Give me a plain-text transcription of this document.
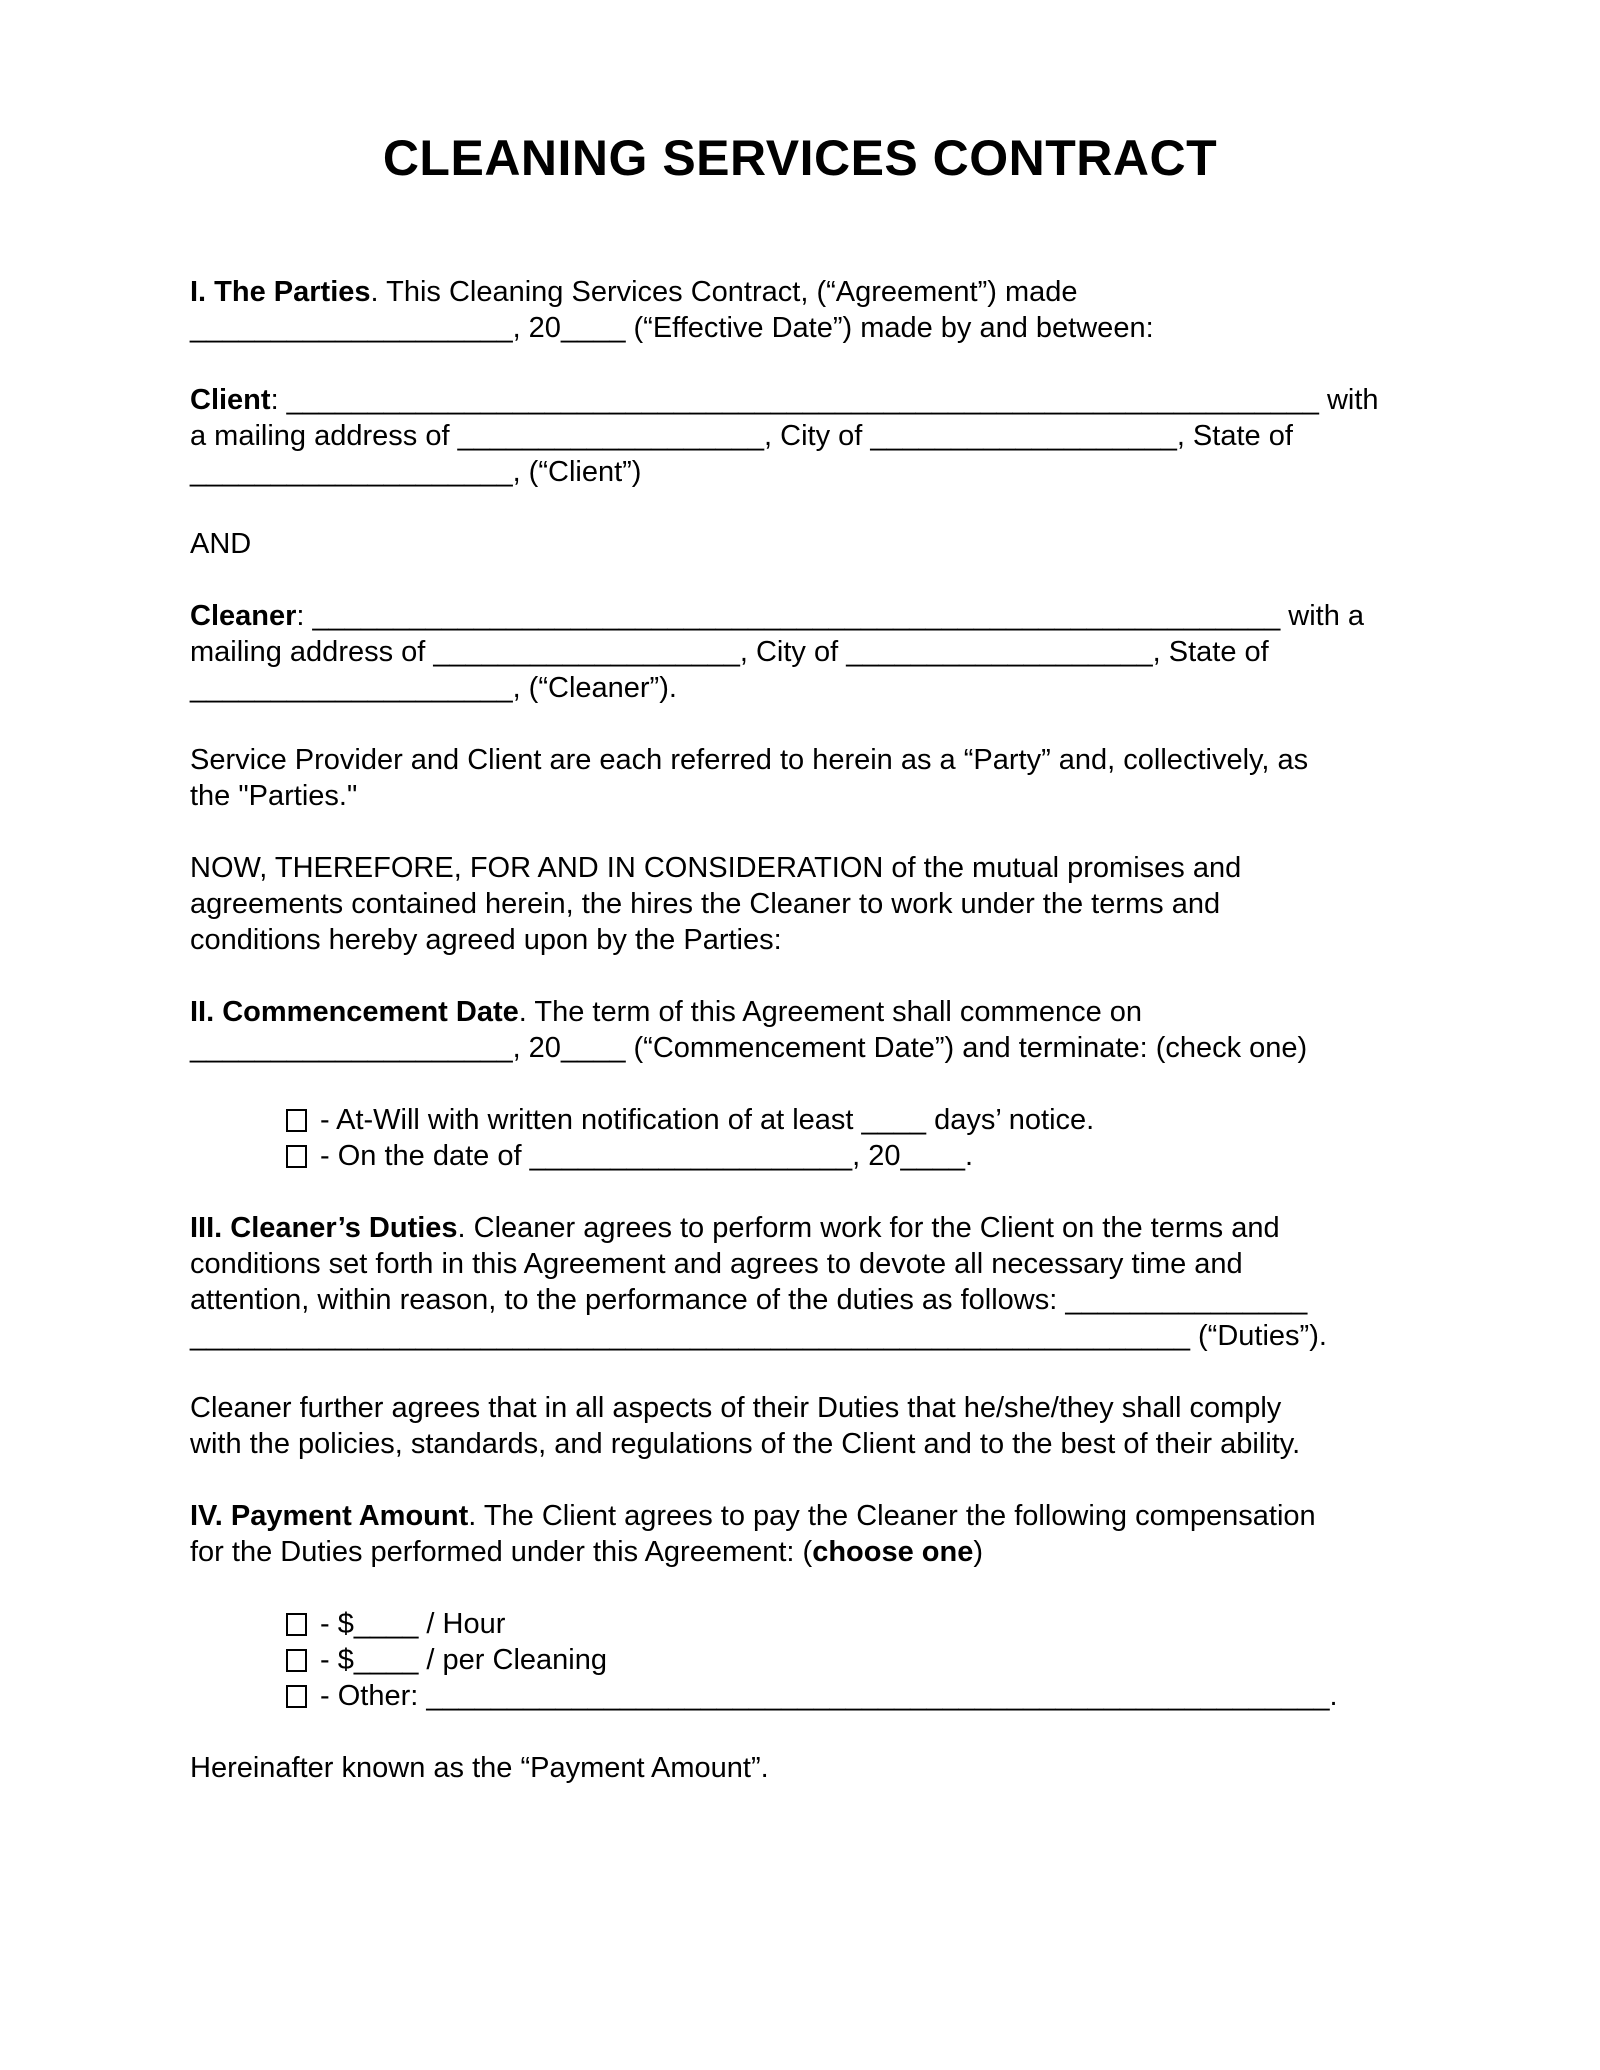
CLEANING SERVICES CONTRACT
I. The Parties. This Cleaning Services Contract, (“Agreement”) made
____________________, 20____ (“Effective Date”) made by and between:
Client: ________________________________________________________________ with
a mailing address of ___________________, City of ___________________, State of
____________________, (“Client”)
AND
Cleaner: ____________________________________________________________ with a
mailing address of ___________________, City of ___________________, State of
____________________, (“Cleaner”).
Service Provider and Client are each referred to herein as a “Party” and, collectively, as
the "Parties."
NOW, THEREFORE, FOR AND IN CONSIDERATION of the mutual promises and
agreements contained herein, the hires the Cleaner to work under the terms and
conditions hereby agreed upon by the Parties:
II. Commencement Date. The term of this Agreement shall commence on
____________________, 20____ (“Commencement Date”) and terminate: (check one)
- At-Will with written notification of at least ____ days’ notice.
- On the date of ____________________, 20____.
III. Cleaner’s Duties. Cleaner agrees to perform work for the Client on the terms and
conditions set forth in this Agreement and agrees to devote all necessary time and
attention, within reason, to the performance of the duties as follows: _______________
______________________________________________________________ (“Duties”).
Cleaner further agrees that in all aspects of their Duties that he/she/they shall comply
with the policies, standards, and regulations of the Client and to the best of their ability.
IV. Payment Amount. The Client agrees to pay the Cleaner the following compensation
for the Duties performed under this Agreement: (choose one)
- $____ / Hour
- $____ / per Cleaning
- Other: ________________________________________________________.
Hereinafter known as the “Payment Amount”.
